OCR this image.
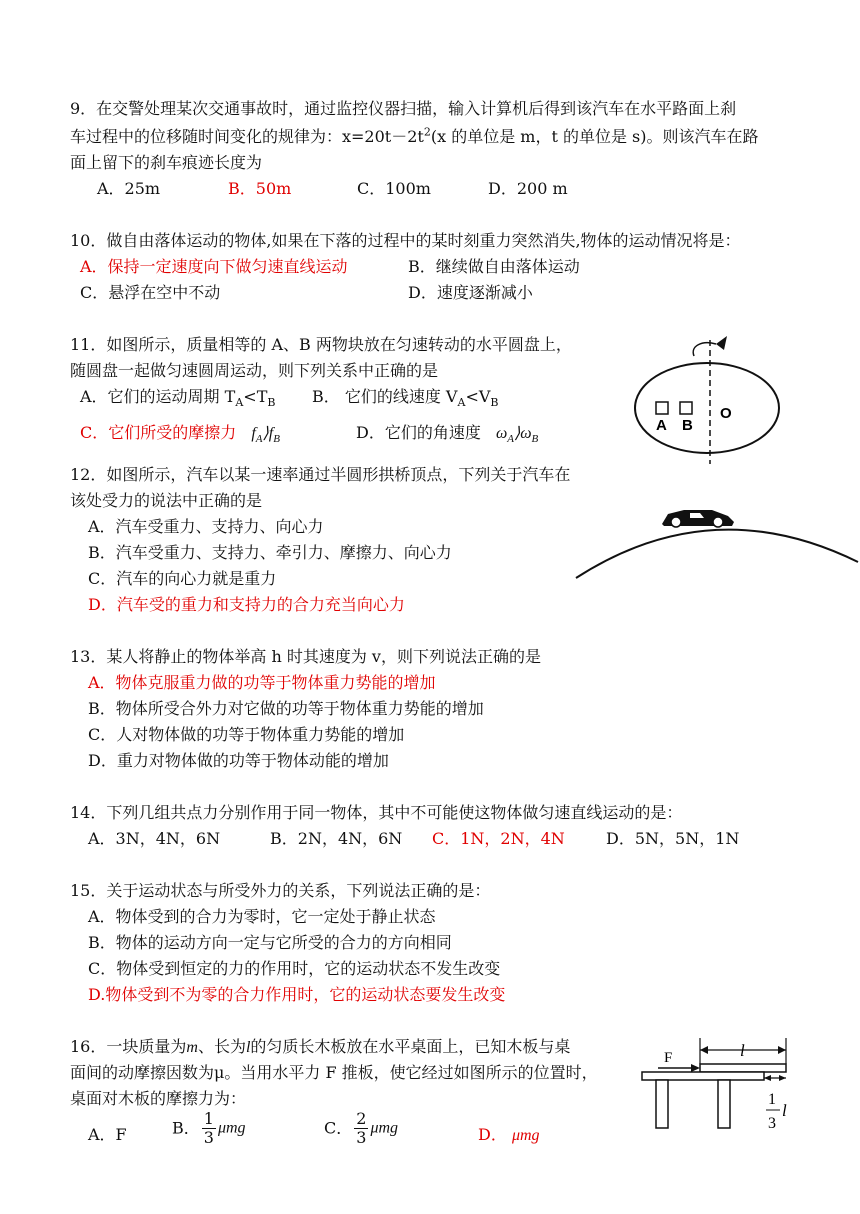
9．在交警处理某次交通事故时，通过监控仪器扫描，输入计算机后得到该汽车在水平路面上刹
车过程中的位移随时间变化的规律为：$x=20t-2t^2(x$ 的单位是 m，t 的单位是 s)。则该汽车在路
面上留下的刹车痕迹长度为
A．25m	B．50m	C．100m	D．200 m
10．做自由落体运动的物体,如果在下落的过程中的某时刻重力突然消失,物体的运动情况将是：
A．保持一定速度向下做匀速直线运动	B．继续做自由落体运动
C．悬浮在空中不动	D．速度逐渐减小
11．如图所示，质量相等的 A、B 两物块放在匀速转动的水平圆盘上，
随圆盘一起做匀速圆周运动，则下列关系中正确的是
A．它们的运动周期 $T_A<T_B$ B． 它们的线速度 $V_A<V_B$
C．它们所受的摩擦力 $f_A⟩f_B$	D．它们的角速度 $\omega_A⟩\omega_B$
A B
O
12．如图所示，汽车以某一速率通过半圆形拱桥顶点，下列关于汽车在
该处受力的说法中正确的是
A．汽车受重力、支持力、向心力
B．汽车受重力、支持力、牵引力、摩擦力、向心力
C．汽车的向心力就是重力
D．汽车受的重力和支持力的合力充当向心力
13．某人将静止的物体举高 h 时其速度为 v，则下列说法正确的是
A．物体克服重力做的功等于物体重力势能的增加
B．物体所受合外力对它做的功等于物体重力势能的增加
C．人对物体做的功等于物体重力势能的增加
D．重力对物体做的功等于物体动能的增加
14．下列几组共点力分别作用于同一物体，其中不可能使这物体做匀速直线运动的是：
A．3N，4N，6N	B．2N，4N，6N C．1N，2N，4N	D．5N，5N，1N
15．关于运动状态与所受外力的关系，下列说法正确的是：
A．物体受到的合力为零时，它一定处于静止状态
B．物体的运动方向一定与它所受的合力的方向相同
C．物体受到恒定的力的作用时，它的运动状态不发生改变
D.物体受到不为零的合力作用时，它的运动状态要发生改变
16．一块质量为m、长为l的匀质长木板放在水平桌面上，已知木板与桌
面间的动摩擦因数为μ。当用水平力 F 推板，使它经过如图所示的位置时，
桌面对木板的摩擦力为：
A．F	B． $\frac{1}{3}$ μmg	C． $\frac{2}{3}$ μmg	D． μmg
l
F
1
3
l
